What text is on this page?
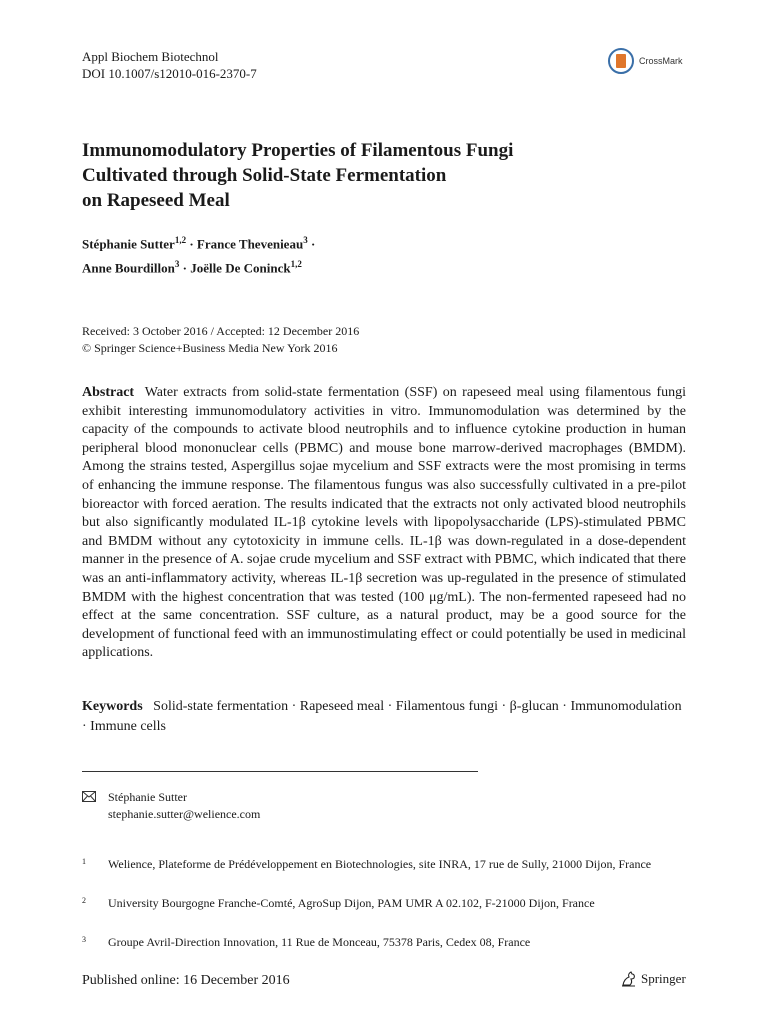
Appl Biochem Biotechnol
DOI 10.1007/s12010-016-2370-7
CrossMark
Immunomodulatory Properties of Filamentous Fungi
Cultivated through Solid-State Fermentation
on Rapeseed Meal
Stéphanie Sutter$^{1,2}$ · France Thevenieau$^3$ ·
Anne Bourdillon$^3$ · Joëlle De Coninck$^{1,2}$
Received: 3 October 2016 / Accepted: 12 December 2016
© Springer Science+Business Media New York 2016
Abstract Water extracts from solid-state fermentation (SSF) on rapeseed meal using filamentous fungi exhibit interesting immunomodulatory activities in vitro. Immunomodulation was determined by the capacity of the compounds to activate blood neutrophils and to influence cytokine production in human peripheral blood mononuclear cells (PBMC) and mouse bone marrow-derived macrophages (BMDM). Among the strains tested, Aspergillus sojae mycelium and SSF extracts were the most promising in terms of enhancing the immune response. The filamentous fungus was also successfully cultivated in a pre-pilot bioreactor with forced aeration. The results indicated that the extracts not only activated blood neutrophils but also significantly modulated IL-1β cytokine levels with lipopolysaccharide (LPS)-stimulated PBMC and BMDM without any cytotoxicity in immune cells. IL-1β was down-regulated in a dose-dependent manner in the presence of A. sojae crude mycelium and SSF extract with PBMC, which indicated that there was an anti-inflammatory activity, whereas IL-1β secretion was up-regulated in the presence of stimulated BMDM with the highest concentration that was tested (100 μg/mL). The non-fermented rapeseed had no effect at the same concentration. SSF culture, as a natural product, may be a good source for the development of functional feed with an immunostimulating effect or could potentially be used in medicinal applications.
Keywords Solid-state fermentation · Rapeseed meal · Filamentous fungi · β-glucan · Immunomodulation · Immune cells
Stéphanie Sutter
stephanie.sutter@welience.com
1 Welience, Plateforme de Prédéveloppement en Biotechnologies, site INRA, 17 rue de Sully, 21000 Dijon, France
2 University Bourgogne Franche-Comté, AgroSup Dijon, PAM UMR A 02.102, F-21000 Dijon, France
3 Groupe Avril-Direction Innovation, 11 Rue de Monceau, 75378 Paris, Cedex 08, France
Published online: 16 December 2016	Springer
